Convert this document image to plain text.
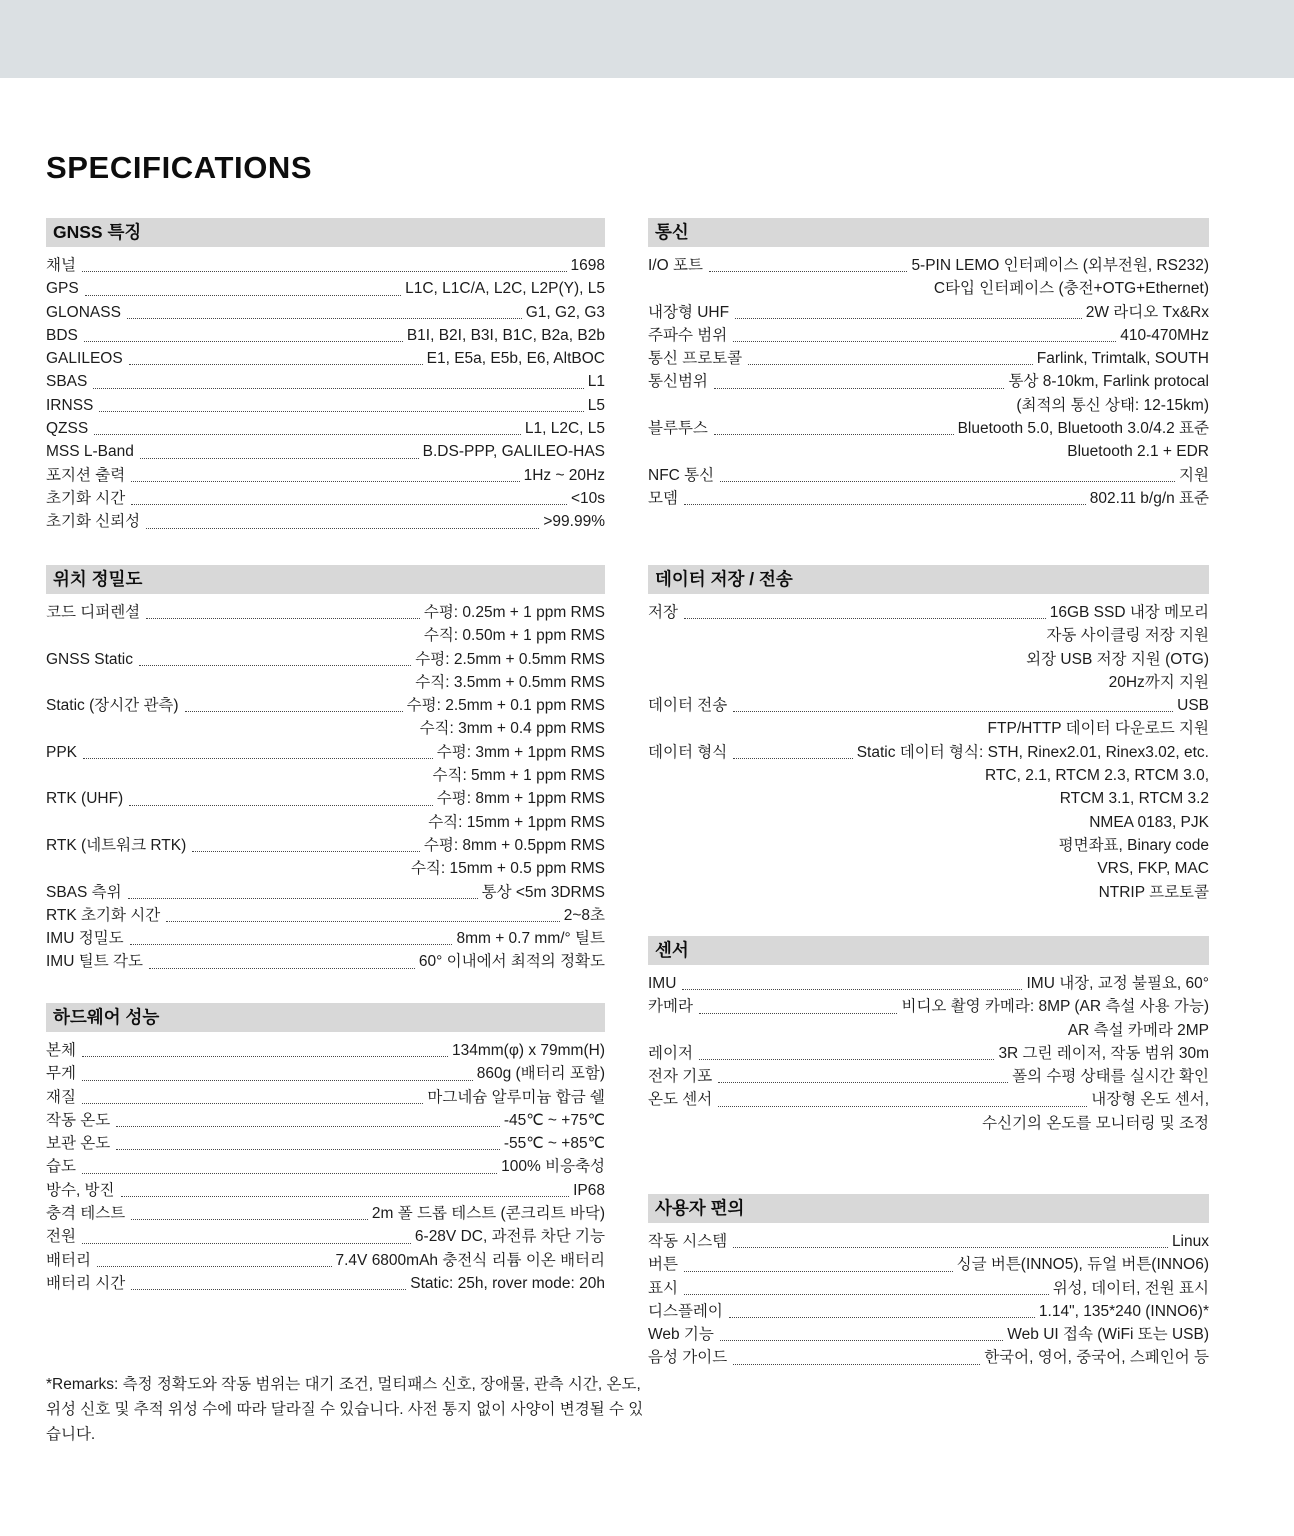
SPECIFICATIONS
GNSS 특징
채널	1698
GPS	L1C, L1C/A, L2C, L2P(Y), L5
GLONASS	G1, G2, G3
BDS	B1I, B2I, B3I, B1C, B2a, B2b
GALILEOS	E1, E5a, E5b, E6, AltBOC
SBAS	L1
IRNSS	L5
QZSS	L1, L2C, L5
MSS L-Band	B.DS-PPP, GALILEO-HAS
포지션 출력	1Hz ~ 20Hz
초기화 시간	<10s
초기화 신뢰성	>99.99%
위치 정밀도
코드 디퍼렌셜	수평: 0.25m + 1 ppm RMS
수직: 0.50m + 1 ppm RMS
GNSS Static	수평: 2.5mm + 0.5mm RMS
수직: 3.5mm + 0.5mm RMS
Static (장시간 관측)	수평: 2.5mm + 0.1 ppm RMS
수직: 3mm + 0.4 ppm RMS
PPK	수평: 3mm + 1ppm RMS
수직: 5mm + 1 ppm RMS
RTK (UHF)	수평: 8mm + 1ppm RMS
수직: 15mm + 1ppm RMS
RTK (네트워크 RTK)	수평: 8mm + 0.5ppm RMS
수직: 15mm + 0.5 ppm RMS
SBAS 측위	통상 <5m 3DRMS
RTK 초기화 시간	2~8초
IMU 정밀도	8mm + 0.7 mm/° 틸트
IMU 틸트 각도	60° 이내에서 최적의 정확도
하드웨어 성능
본체	134mm(φ) x 79mm(H)
무게	860g (배터리 포함)
재질	마그네슘 알루미늄 합금 쉘
작동 온도	-45℃ ~ +75℃
보관 온도	-55℃ ~ +85℃
습도	100% 비응축성
방수, 방진	IP68
충격 테스트	2m 폴 드롭 테스트 (콘크리트 바닥)
전원	6-28V DC, 과전류 차단 기능
배터리	7.4V 6800mAh 충전식 리튬 이온 배터리
배터리 시간	Static: 25h, rover mode: 20h
통신
I/O 포트	5-PIN LEMO 인터페이스 (외부전원, RS232)
C타입 인터페이스 (충전+OTG+Ethernet)
내장형 UHF	2W 라디오 Tx&Rx
주파수 범위	410-470MHz
통신 프로토콜	Farlink, Trimtalk, SOUTH
통신범위	통상 8-10km, Farlink protocal
(최적의 통신 상태: 12-15km)
블루투스	Bluetooth 5.0, Bluetooth 3.0/4.2 표준
Bluetooth 2.1 + EDR
NFC 통신	지원
모뎀	802.11 b/g/n 표준
데이터 저장 / 전송
저장	16GB SSD 내장 메모리
자동 사이클링 저장 지원
외장 USB 저장 지원 (OTG)
20Hz까지 지원
데이터 전송	USB
FTP/HTTP 데이터 다운로드 지원
데이터 형식	Static 데이터 형식: STH, Rinex2.01, Rinex3.02, etc.
RTC, 2.1, RTCM 2.3, RTCM 3.0,
RTCM 3.1, RTCM 3.2
NMEA 0183, PJK
평면좌표, Binary code
VRS, FKP, MAC
NTRIP 프로토콜
센서
IMU	IMU 내장, 교정 불필요, 60°
카메라	비디오 촬영 카메라: 8MP (AR 측설 사용 가능)
AR 측설 카메라 2MP
레이저	3R 그린 레이저, 작동 범위 30m
전자 기포	폴의 수평 상태를 실시간 확인
온도 센서	내장형 온도 센서,
수신기의 온도를 모니터링 및 조정
사용자 편의
작동 시스템	Linux
버튼	싱글 버튼(INNO5), 듀얼 버튼(INNO6)
표시	위성, 데이터, 전원 표시
디스플레이	1.14", 135*240 (INNO6)*
Web 기능	Web UI 접속 (WiFi 또는 USB)
음성 가이드	한국어, 영어, 중국어, 스페인어 등

*Remarks: 측정 정확도와 작동 범위는 대기 조건, 멀티패스 신호, 장애물, 관측 시간, 온도, 위성 신호 및 추적 위성 수에 따라 달라질 수 있습니다. 사전 통지 없이 사양이 변경될 수 있습니다.
